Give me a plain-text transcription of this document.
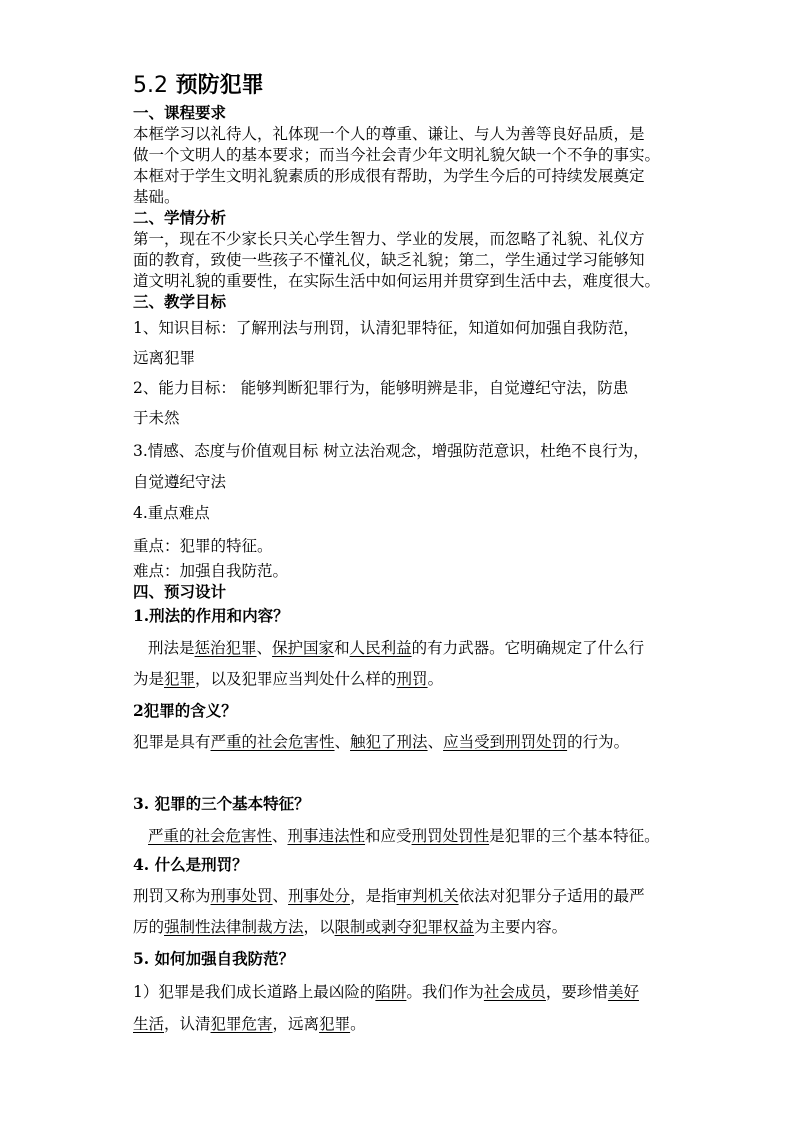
5.2 预防犯罪
一、课程要求
本框学习以礼待人，礼体现一个人的尊重、谦让、与人为善等良好品质，是
做一个文明人的基本要求；而当今社会青少年文明礼貌欠缺一个不争的事实。
本框对于学生文明礼貌素质的形成很有帮助，为学生今后的可持续发展奠定
基础。
二、学情分析
第一，现在不少家长只关心学生智力、学业的发展，而忽略了礼貌、礼仪方
面的教育，致使一些孩子不懂礼仪，缺乏礼貌；第二，学生通过学习能够知
道文明礼貌的重要性，在实际生活中如何运用并贯穿到生活中去，难度很大。
三、教学目标
1、知识目标：了解刑法与刑罚，认清犯罪特征，知道如何加强自我防范，
远离犯罪
2、能力目标： 能够判断犯罪行为，能够明辨是非，自觉遵纪守法，防患
于未然
3.情感、态度与价值观目标 树立法治观念，增强防范意识，杜绝不良行为，
自觉遵纪守法
4.重点难点
重点：犯罪的特征。
难点：加强自我防范。
四、预习设计
1.刑法的作用和内容？
刑法是惩治犯罪、保护国家和人民利益的有力武器。它明确规定了什么行
为是犯罪，以及犯罪应当判处什么样的刑罚。
2犯罪的含义？
犯罪是具有严重的社会危害性、触犯了刑法、应当受到刑罚处罚的行为。
3. 犯罪的三个基本特征？
严重的社会危害性、刑事违法性和应受刑罚处罚性是犯罪的三个基本特征。
4. 什么是刑罚？
刑罚又称为刑事处罚、刑事处分，是指审判机关依法对犯罪分子适用的最严
厉的强制性法律制裁方法，以限制或剥夺犯罪权益为主要内容。
5. 如何加强自我防范？
1）犯罪是我们成长道路上最凶险的陷阱。我们作为社会成员，要珍惜美好
生活，认清犯罪危害，远离犯罪。
